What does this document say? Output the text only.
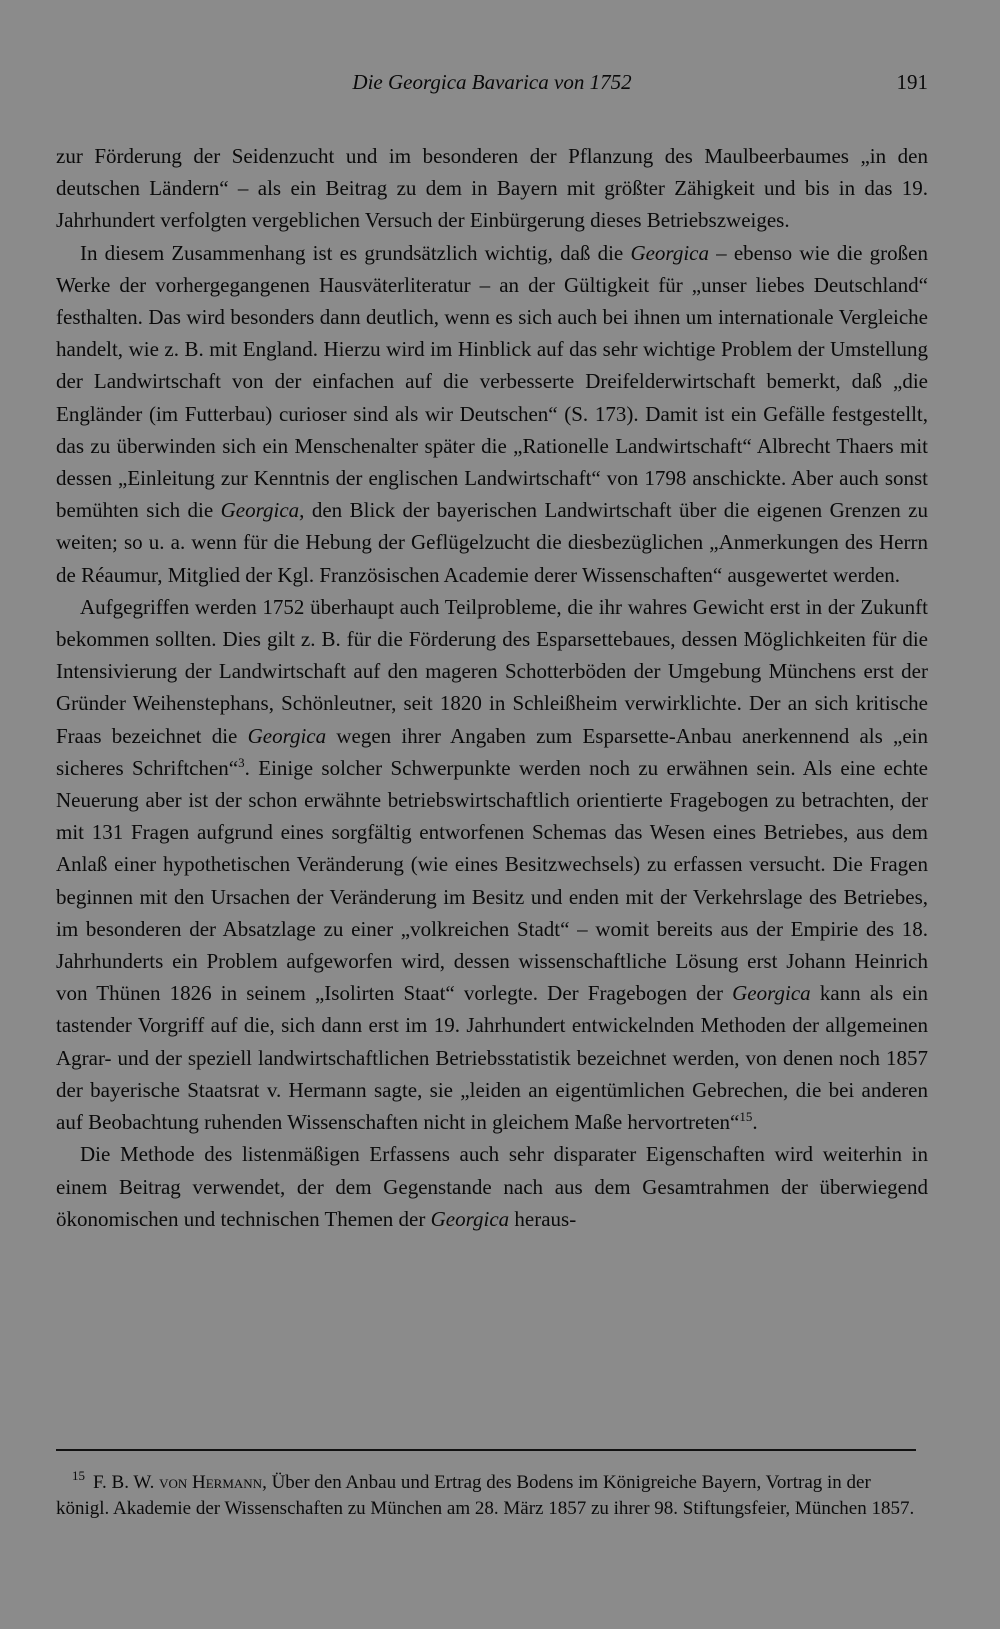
Die Georgica Bavarica von 1752	191

zur Förderung der Seidenzucht und im besonderen der Pflanzung des Maulbeerbaumes „in den deutschen Ländern“ – als ein Beitrag zu dem in Bayern mit größter Zähigkeit und bis in das 19. Jahrhundert verfolgten vergeblichen Versuch der Einbürgerung dieses Betriebszweiges.

In diesem Zusammenhang ist es grundsätzlich wichtig, daß die Georgica – ebenso wie die großen Werke der vorhergegangenen Hausväterliteratur – an der Gültigkeit für „unser liebes Deutschland“ festhalten. Das wird besonders dann deutlich, wenn es sich auch bei ihnen um internationale Vergleiche handelt, wie z. B. mit England. Hierzu wird im Hinblick auf das sehr wichtige Problem der Umstellung der Landwirtschaft von der einfachen auf die verbesserte Dreifelderwirtschaft bemerkt, daß „die Engländer (im Futterbau) curioser sind als wir Deutschen“ (S. 173). Damit ist ein Gefälle festgestellt, das zu überwinden sich ein Menschenalter später die „Rationelle Landwirtschaft“ Albrecht Thaers mit dessen „Einleitung zur Kenntnis der englischen Landwirtschaft“ von 1798 anschickte. Aber auch sonst bemühten sich die Georgica, den Blick der bayerischen Landwirtschaft über die eigenen Grenzen zu weiten; so u. a. wenn für die Hebung der Geflügelzucht die diesbezüglichen „Anmerkungen des Herrn de Réaumur, Mitglied der Kgl. Französischen Academie derer Wissenschaften“ ausgewertet werden.

Aufgegriffen werden 1752 überhaupt auch Teilprobleme, die ihr wahres Gewicht erst in der Zukunft bekommen sollten. Dies gilt z. B. für die Förderung des Esparsettebaues, dessen Möglichkeiten für die Intensivierung der Landwirtschaft auf den mageren Schotterböden der Umgebung Münchens erst der Gründer Weihenstephans, Schönleutner, seit 1820 in Schleißheim verwirklichte. Der an sich kritische Fraas bezeichnet die Georgica wegen ihrer Angaben zum Esparsette-Anbau anerkennend als „ein sicheres Schriftchen“$^3$. Einige solcher Schwerpunkte werden noch zu erwähnen sein. Als eine echte Neuerung aber ist der schon erwähnte betriebswirtschaftlich orientierte Fragebogen zu betrachten, der mit 131 Fragen aufgrund eines sorgfältig entworfenen Schemas das Wesen eines Betriebes, aus dem Anlaß einer hypothetischen Veränderung (wie eines Besitzwechsels) zu erfassen versucht. Die Fragen beginnen mit den Ursachen der Veränderung im Besitz und enden mit der Verkehrslage des Betriebes, im besonderen der Absatzlage zu einer „volkreichen Stadt“ – womit bereits aus der Empirie des 18. Jahrhunderts ein Problem aufgeworfen wird, dessen wissenschaftliche Lösung erst Johann Heinrich von Thünen 1826 in seinem „Isolirten Staat“ vorlegte. Der Fragebogen der Georgica kann als ein tastender Vorgriff auf die, sich dann erst im 19. Jahrhundert entwickelnden Methoden der allgemeinen Agrar- und der speziell landwirtschaftlichen Betriebsstatistik bezeichnet werden, von denen noch 1857 der bayerische Staatsrat v. Hermann sagte, sie „leiden an eigentümlichen Gebrechen, die bei anderen auf Beobachtung ruhenden Wissenschaften nicht in gleichem Maße hervortreten“$^{15}$.

Die Methode des listenmäßigen Erfassens auch sehr disparater Eigenschaften wird weiterhin in einem Beitrag verwendet, der dem Gegenstande nach aus dem Gesamtrahmen der überwiegend ökonomischen und technischen Themen der Georgica heraus-

$^{15}$ F. B. W. von Hermann, Über den Anbau und Ertrag des Bodens im Königreiche Bayern, Vortrag in der königl. Akademie der Wissenschaften zu München am 28. März 1857 zu ihrer 98. Stiftungsfeier, München 1857.
